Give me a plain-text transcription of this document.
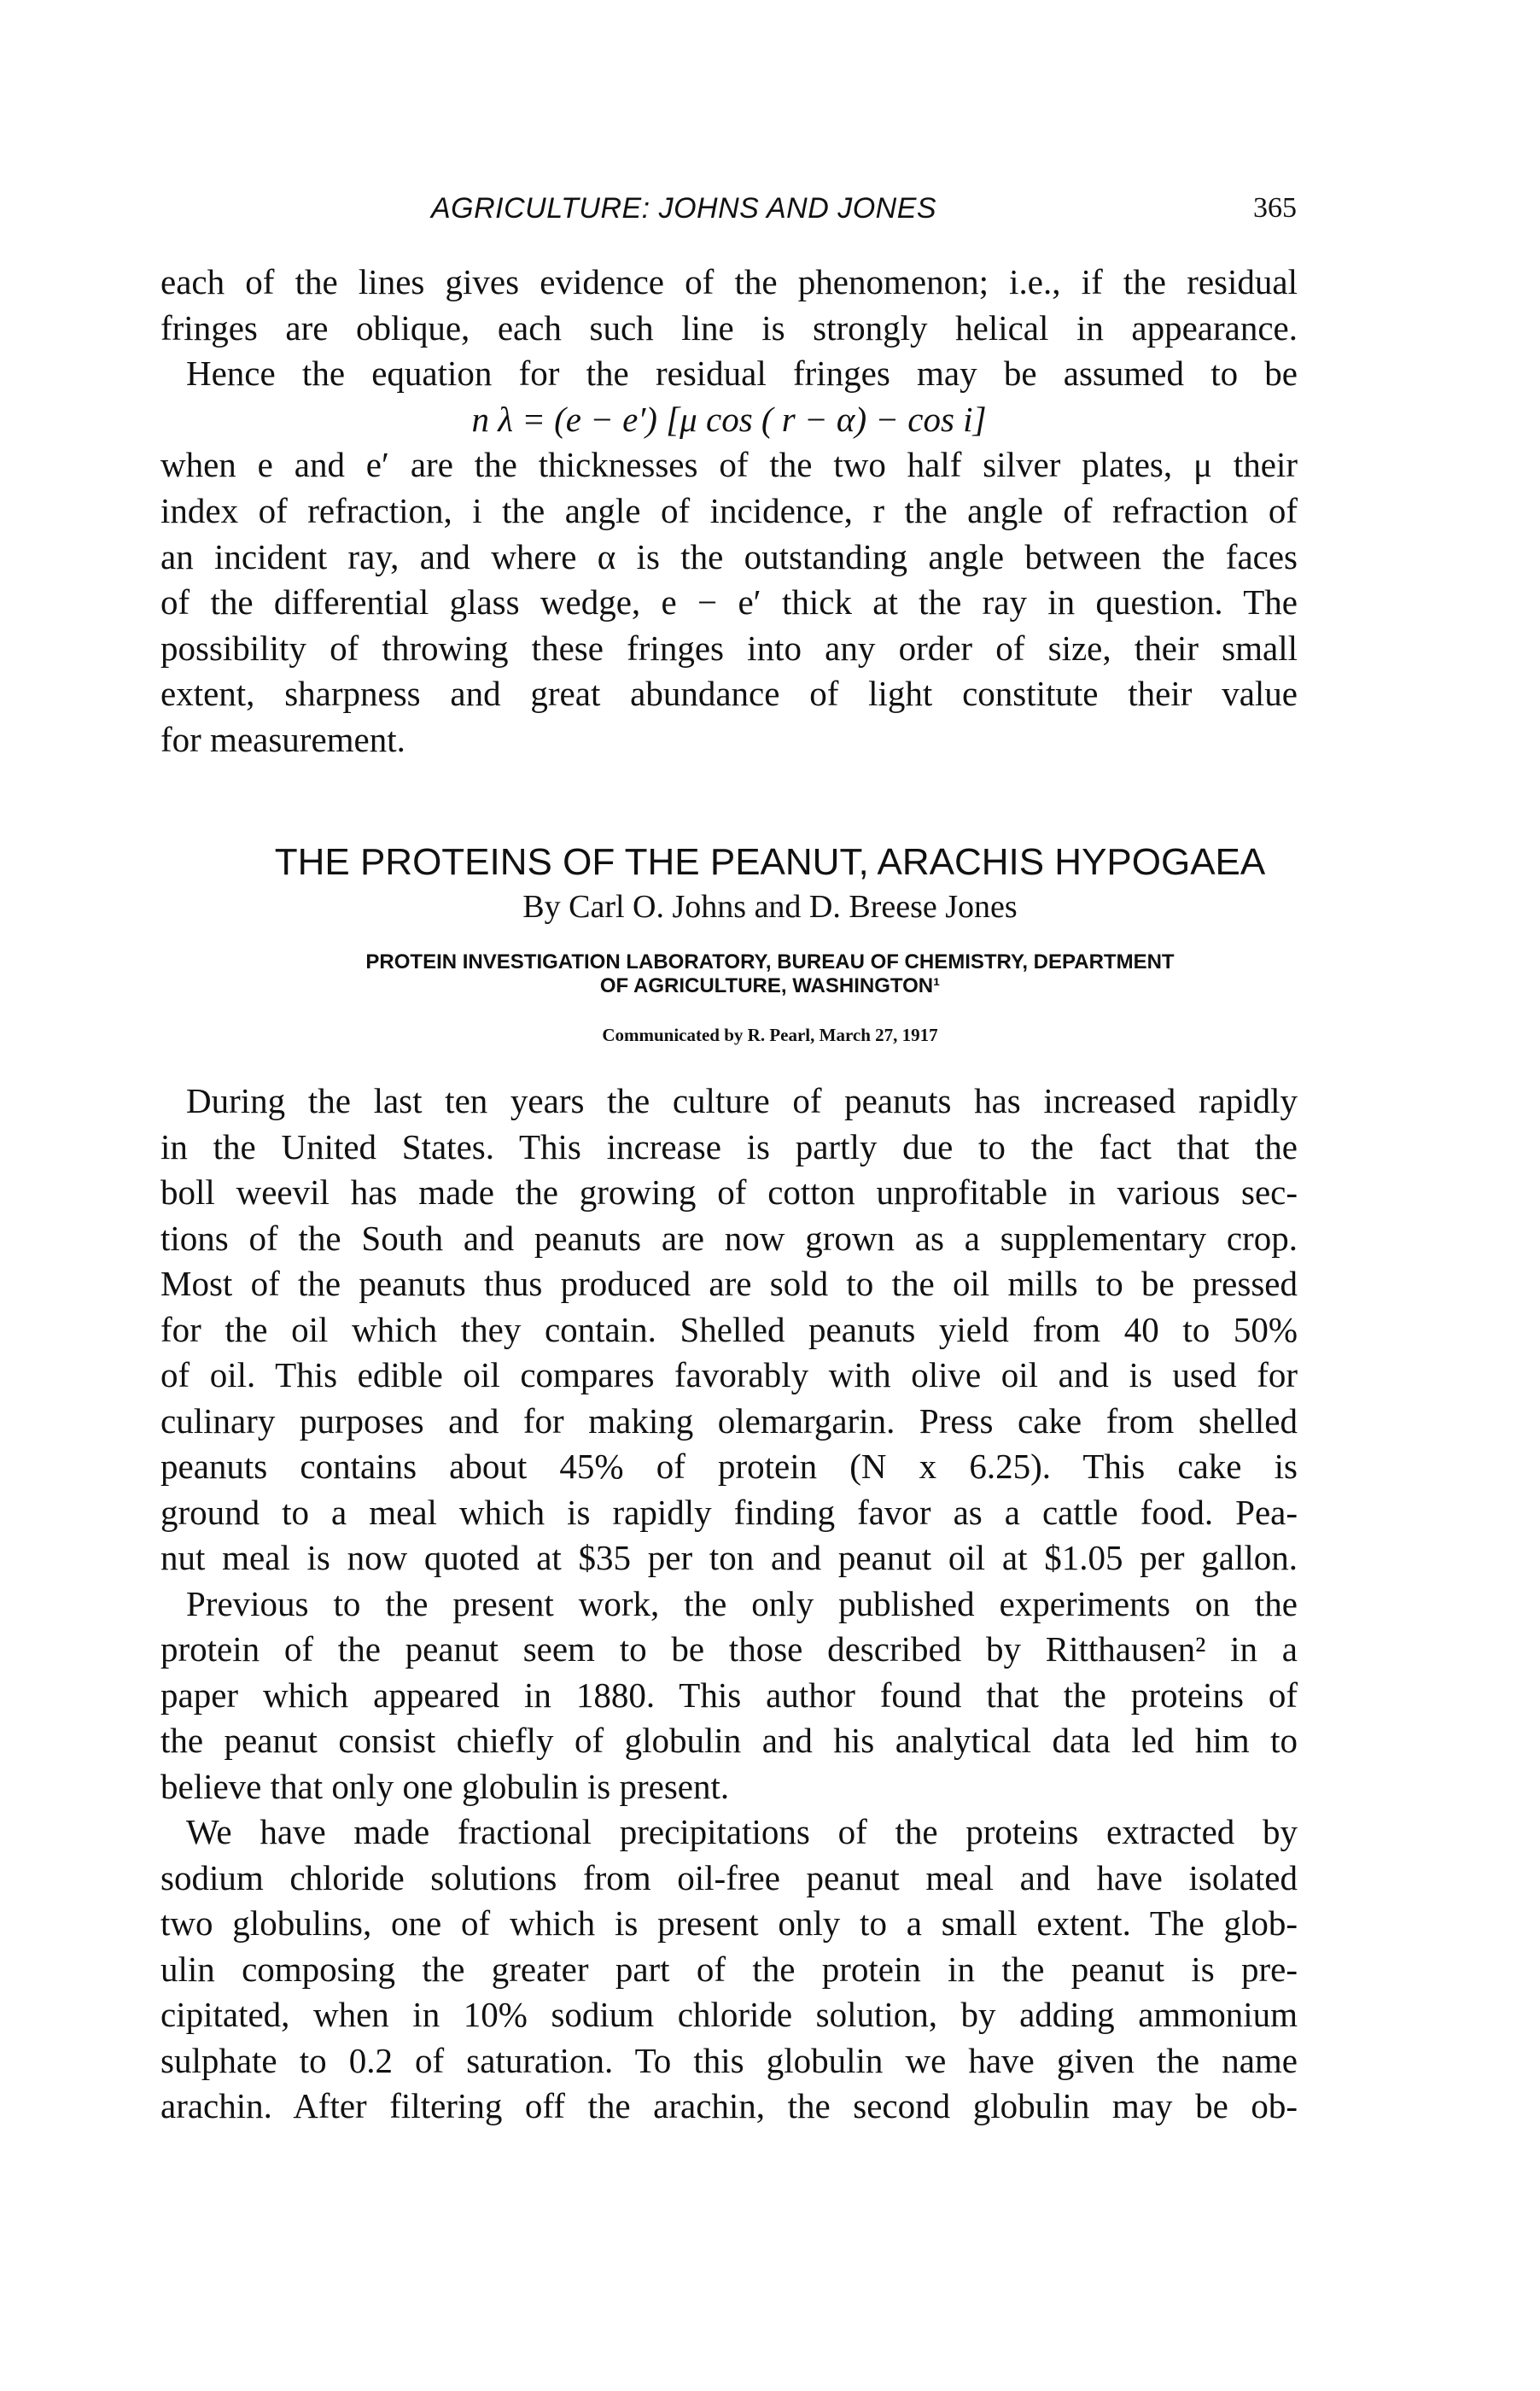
AGRICULTURE: JOHNS AND JONES	365
each of the lines gives evidence of the phenomenon; i.e., if the residual
fringes are oblique, each such line is strongly helical in appearance.
Hence the equation for the residual fringes may be assumed to be
n λ = (e − e′) [μ cos ( r − α) − cos i]
when e and e′ are the thicknesses of the two half silver plates, μ their
index of refraction, i the angle of incidence, r the angle of refraction of
an incident ray, and where α is the outstanding angle between the faces
of the differential glass wedge, e − e′ thick at the ray in question. The
possibility of throwing these fringes into any order of size, their small
extent, sharpness and great abundance of light constitute their value
for measurement.
THE PROTEINS OF THE PEANUT, ARACHIS HYPOGAEA
By Carl O. Johns and D. Breese Jones
PROTEIN INVESTIGATION LABORATORY, BUREAU OF CHEMISTRY, DEPARTMENT
OF AGRICULTURE, WASHINGTON¹
Communicated by R. Pearl, March 27, 1917
During the last ten years the culture of peanuts has increased rapidly
in the United States. This increase is partly due to the fact that the
boll weevil has made the growing of cotton unprofitable in various sec-
tions of the South and peanuts are now grown as a supplementary crop.
Most of the peanuts thus produced are sold to the oil mills to be pressed
for the oil which they contain. Shelled peanuts yield from 40 to 50%
of oil. This edible oil compares favorably with olive oil and is used for
culinary purposes and for making olemargarin. Press cake from shelled
peanuts contains about 45% of protein (N x 6.25). This cake is
ground to a meal which is rapidly finding favor as a cattle food. Pea-
nut meal is now quoted at $35 per ton and peanut oil at $1.05 per gallon.
Previous to the present work, the only published experiments on the
protein of the peanut seem to be those described by Ritthausen² in a
paper which appeared in 1880. This author found that the proteins of
the peanut consist chiefly of globulin and his analytical data led him to
believe that only one globulin is present.
We have made fractional precipitations of the proteins extracted by
sodium chloride solutions from oil-free peanut meal and have isolated
two globulins, one of which is present only to a small extent. The glob-
ulin composing the greater part of the protein in the peanut is pre-
cipitated, when in 10% sodium chloride solution, by adding ammonium
sulphate to 0.2 of saturation. To this globulin we have given the name
arachin. After filtering off the arachin, the second globulin may be ob-
